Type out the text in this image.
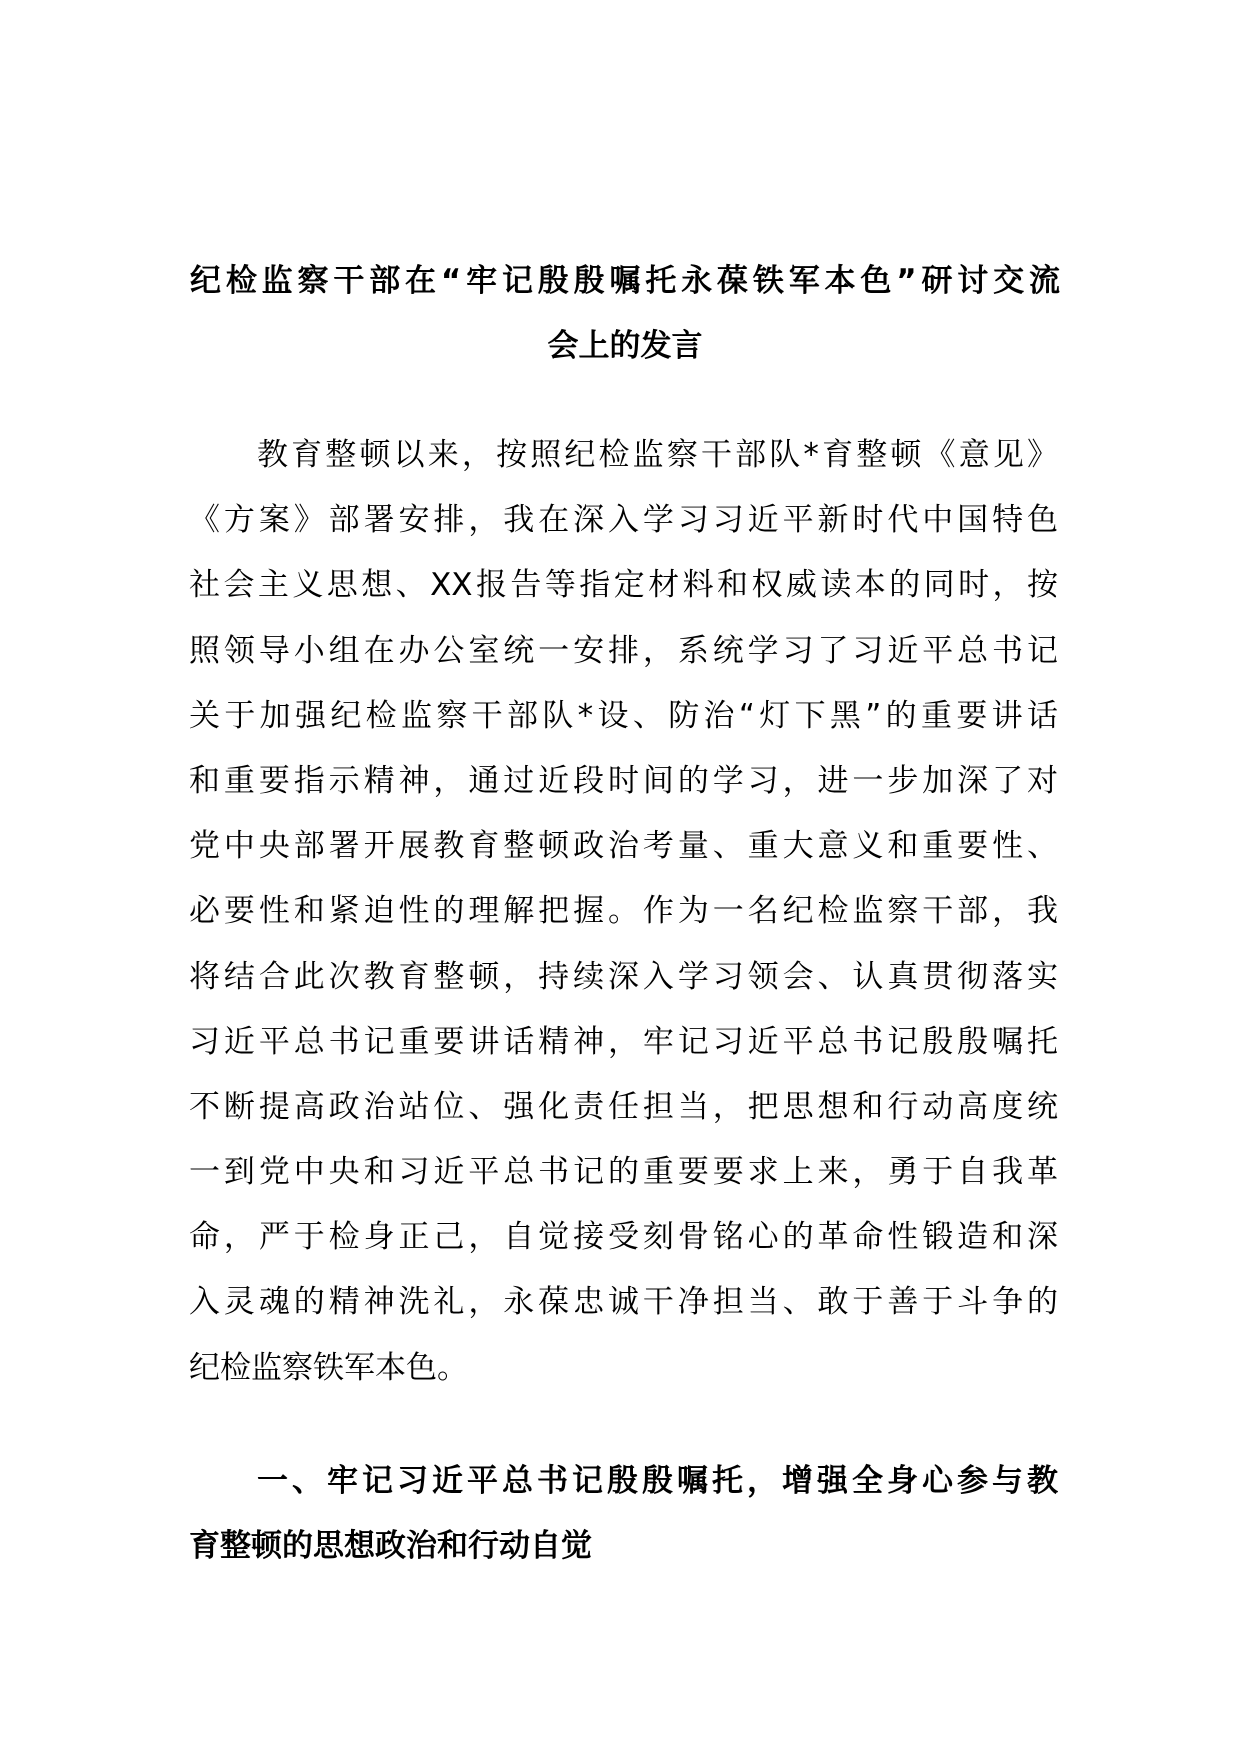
纪检监察干部在“牢记殷殷嘱托永葆铁军本色”研讨交流
会上的发言
教育整顿以来，按照纪检监察干部队*育整顿《意见》
《方案》部署安排，我在深入学习习近平新时代中国特色
社会主义思想、XX报告等指定材料和权威读本的同时，按
照领导小组在办公室统一安排，系统学习了习近平总书记
关于加强纪检监察干部队*设、防治“灯下黑”的重要讲话
和重要指示精神，通过近段时间的学习，进一步加深了对
党中央部署开展教育整顿政治考量、重大意义和重要性、
必要性和紧迫性的理解把握。作为一名纪检监察干部，我
将结合此次教育整顿，持续深入学习领会、认真贯彻落实
习近平总书记重要讲话精神，牢记习近平总书记殷殷嘱托
不断提高政治站位、强化责任担当，把思想和行动高度统
一到党中央和习近平总书记的重要要求上来，勇于自我革
命，严于检身正己，自觉接受刻骨铭心的革命性锻造和深
入灵魂的精神洗礼，永葆忠诚干净担当、敢于善于斗争的
纪检监察铁军本色。
一、牢记习近平总书记殷殷嘱托，增强全身心参与教
育整顿的思想政治和行动自觉
